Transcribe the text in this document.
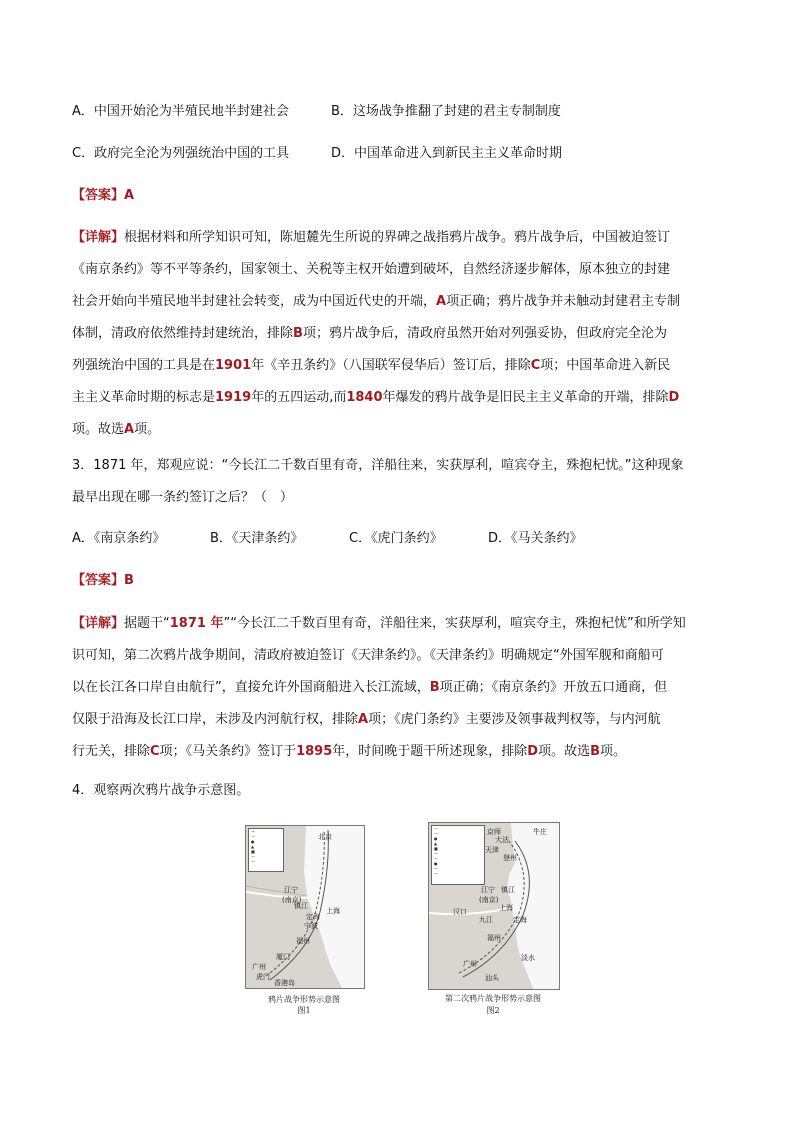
A．中国开始沦为半殖民地半封建社会	B．这场战争推翻了封建的君主专制制度
C．政府完全沦为列强统治中国的工具	D．中国革命进入到新民主主义革命时期
【答案】A
【详解】根据材料和所学知识可知，陈旭麓先生所说的界碑之战指鸦片战争。鸦片战争后，中国被迫签订
《南京条约》等不平等条约，国家领土、关税等主权开始遭到破坏，自然经济逐步解体，原本独立的封建
社会开始向半殖民地半封建社会转变，成为中国近代史的开端，A项正确；鸦片战争并未触动封建君主专制
体制，清政府依然维持封建统治，排除B项；鸦片战争后，清政府虽然开始对列强妥协，但政府完全沦为
列强统治中国的工具是在1901年《辛丑条约》（八国联军侵华后）签订后，排除C项；中国革命进入新民
主主义革命时期的标志是1919年的五四运动,而1840年爆发的鸦片战争是旧民主主义革命的开端，排除D
项。故选A项。
3．1871 年，郑观应说：“今长江二千数百里有奇，洋船往来，实获厚利，喧宾夺主，殊抱杞忧。”这种现象
最早出现在哪一条约签订之后？（　）
A．《南京条约》	B．《天津条约》	C．《虎门条约》	D．《马关条约》
【答案】B
【详解】据题干“1871 年”“今长江二千数百里有奇，洋船往来，实获厚利，喧宾夺主，殊抱杞忧”和所学知
识可知，第二次鸦片战争期间，清政府被迫签订《天津条约》。《天津条约》明确规定“外国军舰和商船可
以在长江各口岸自由航行”，直接允许外国商船进入长江流域，B项正确；《南京条约》开放五口通商，但
仅限于沿海及长江口岸，未涉及内河航行权，排除A项；《虎门条约》主要涉及领事裁判权等，与内河航
行无关，排除C项；《马关条约》签订于1895年，时间晚于题干所述现象，排除D项。故选B项。
4．观察两次鸦片战争示意图。
—
—
●
▲
■
—
—
北京
江宁
(南京)
镇江
上海
定海
宁波
福州
厦门
广州
虎门
香港岛
鸦片战争形势示意图
图1
—
—
●
▲
■
—
—
●
—
—
京师	牛庄
大沽
天津
登州
江宁
(南京)
镇江
上海
定海
汉口
九江
福州
淡水
广州
汕头
第二次鸦片战争形势示意图
图2
